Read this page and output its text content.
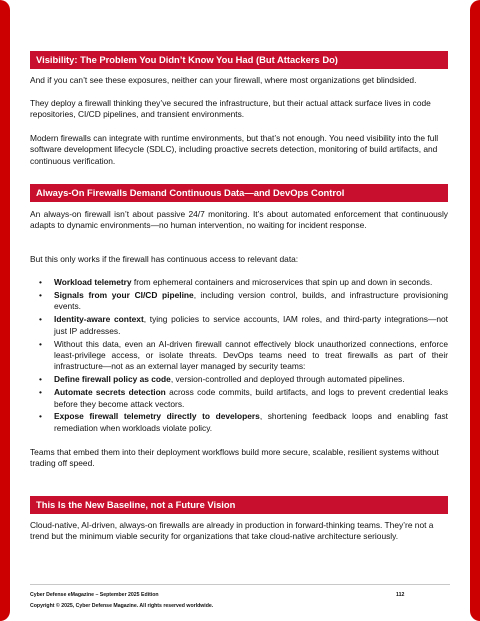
Visibility: The Problem You Didn’t Know You Had (But Attackers Do)

And if you can’t see these exposures, neither can your firewall, where most organizations get blindsided.

They deploy a firewall thinking they’ve secured the infrastructure, but their actual attack surface lives in code repositories, CI/CD pipelines, and transient environments.

Modern firewalls can integrate with runtime environments, but that’s not enough. You need visibility into the full software development lifecycle (SDLC), including proactive secrets detection, monitoring of build artifacts, and continuous verification.

Always-On Firewalls Demand Continuous Data—and DevOps Control

An always-on firewall isn’t about passive 24/7 monitoring. It’s about automated enforcement that continuously adapts to dynamic environments—no human intervention, no waiting for incident response.

But this only works if the firewall has continuous access to relevant data:

• Workload telemetry from ephemeral containers and microservices that spin up and down in seconds.
• Signals from your CI/CD pipeline, including version control, builds, and infrastructure provisioning events.
• Identity-aware context, tying policies to service accounts, IAM roles, and third-party integrations—not just IP addresses.
• Without this data, even an AI-driven firewall cannot effectively block unauthorized connections, enforce least-privilege access, or isolate threats. DevOps teams need to treat firewalls as part of their infrastructure—not as an external layer managed by security teams:
• Define firewall policy as code, version-controlled and deployed through automated pipelines.
• Automate secrets detection across code commits, build artifacts, and logs to prevent credential leaks before they become attack vectors.
• Expose firewall telemetry directly to developers, shortening feedback loops and enabling fast remediation when workloads violate policy.

Teams that embed them into their deployment workflows build more secure, scalable, resilient systems without trading off speed.

This Is the New Baseline, not a Future Vision

Cloud-native, AI-driven, always-on firewalls are already in production in forward-thinking teams. They’re not a trend but the minimum viable security for organizations that take cloud-native architecture seriously.

Cyber Defense eMagazine – September 2025 Edition	112
Copyright © 2025, Cyber Defense Magazine. All rights reserved worldwide.
